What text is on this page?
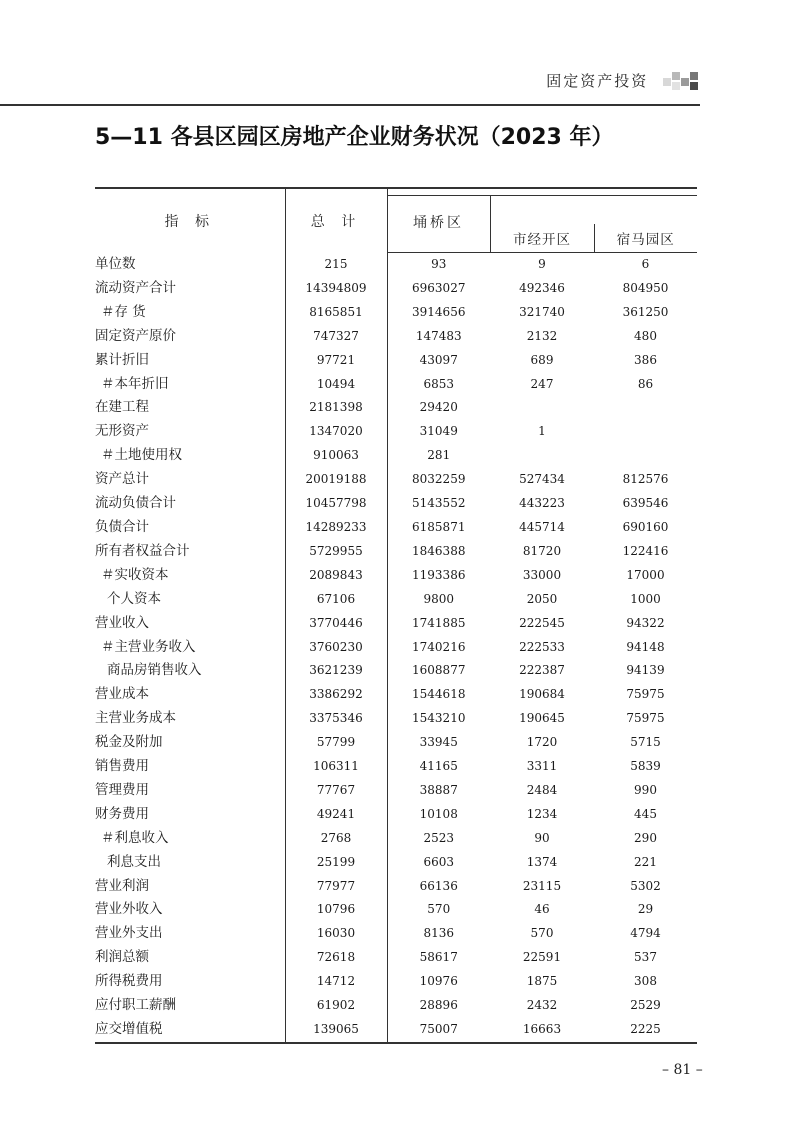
固定资产投资
5—11 各县区园区房地产企业财务状况（2023 年）

指 标	总 计			
		埇桥区		
			市经开区	宿马园区
单位数	215	93	9	6
流动资产合计	14394809	6963027	492346	804950
＃存 货	8165851	3914656	321740	361250
固定资产原价	747327	147483	2132	480
累计折旧	97721	43097	689	386
＃本年折旧	10494	6853	247	86
在建工程	2181398	29420		
无形资产	1347020	31049	1	
＃土地使用权	910063	281		
资产总计	20019188	8032259	527434	812576
流动负债合计	10457798	5143552	443223	639546
负债合计	14289233	6185871	445714	690160
所有者权益合计	5729955	1846388	81720	122416
＃实收资本	2089843	1193386	33000	17000
个人资本	67106	9800	2050	1000
营业收入	3770446	1741885	222545	94322
＃主营业务收入	3760230	1740216	222533	94148
商品房销售收入	3621239	1608877	222387	94139
营业成本	3386292	1544618	190684	75975
主营业务成本	3375346	1543210	190645	75975
税金及附加	57799	33945	1720	5715
销售费用	106311	41165	3311	5839
管理费用	77767	38887	2484	990
财务费用	49241	10108	1234	445
＃利息收入	2768	2523	90	290
利息支出	25199	6603	1374	221
营业利润	77977	66136	23115	5302
营业外收入	10796	570	46	29
营业外支出	16030	8136	570	4794
利润总额	72618	58617	22591	537
所得税费用	14712	10976	1875	308
应付职工薪酬	61902	28896	2432	2529
应交增值税	139065	75007	16663	2225
– 81 –
